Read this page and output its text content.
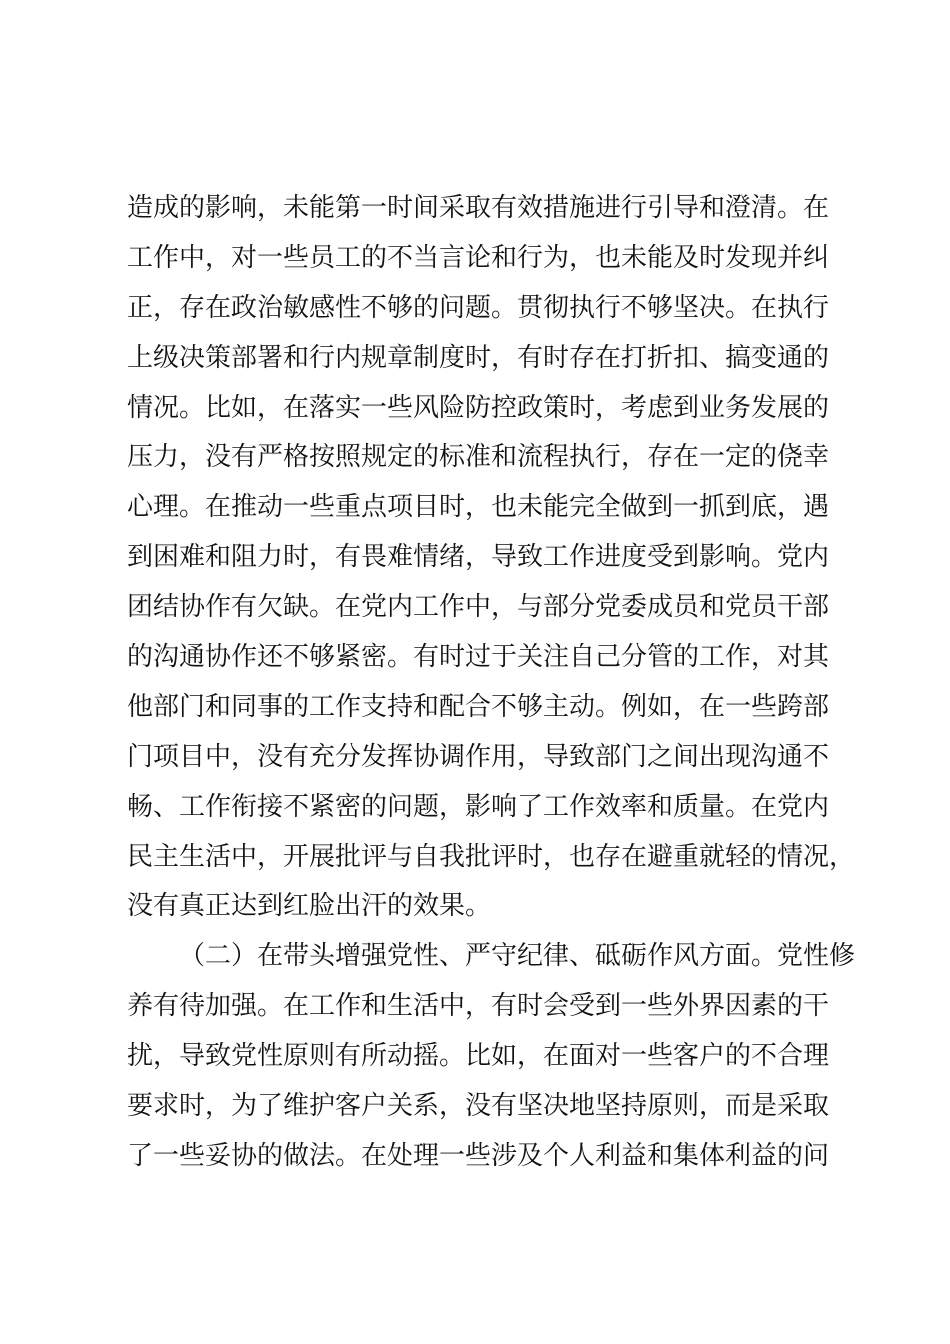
造成的影响，未能第一时间采取有效措施进行引导和澄清。在
工作中，对一些员工的不当言论和行为，也未能及时发现并纠
正，存在政治敏感性不够的问题。贯彻执行不够坚决。在执行
上级决策部署和行内规章制度时，有时存在打折扣、搞变通的
情况。比如，在落实一些风险防控政策时，考虑到业务发展的
压力，没有严格按照规定的标准和流程执行，存在一定的侥幸
心理。在推动一些重点项目时，也未能完全做到一抓到底，遇
到困难和阻力时，有畏难情绪，导致工作进度受到影响。党内
团结协作有欠缺。在党内工作中，与部分党委成员和党员干部
的沟通协作还不够紧密。有时过于关注自己分管的工作，对其
他部门和同事的工作支持和配合不够主动。例如，在一些跨部
门项目中，没有充分发挥协调作用，导致部门之间出现沟通不
畅、工作衔接不紧密的问题，影响了工作效率和质量。在党内
民主生活中，开展批评与自我批评时，也存在避重就轻的情况，
没有真正达到红脸出汗的效果。
（二）在带头增强党性、严守纪律、砥砺作风方面。党性修
养有待加强。在工作和生活中，有时会受到一些外界因素的干
扰，导致党性原则有所动摇。比如，在面对一些客户的不合理
要求时，为了维护客户关系，没有坚决地坚持原则，而是采取
了一些妥协的做法。在处理一些涉及个人利益和集体利益的问
